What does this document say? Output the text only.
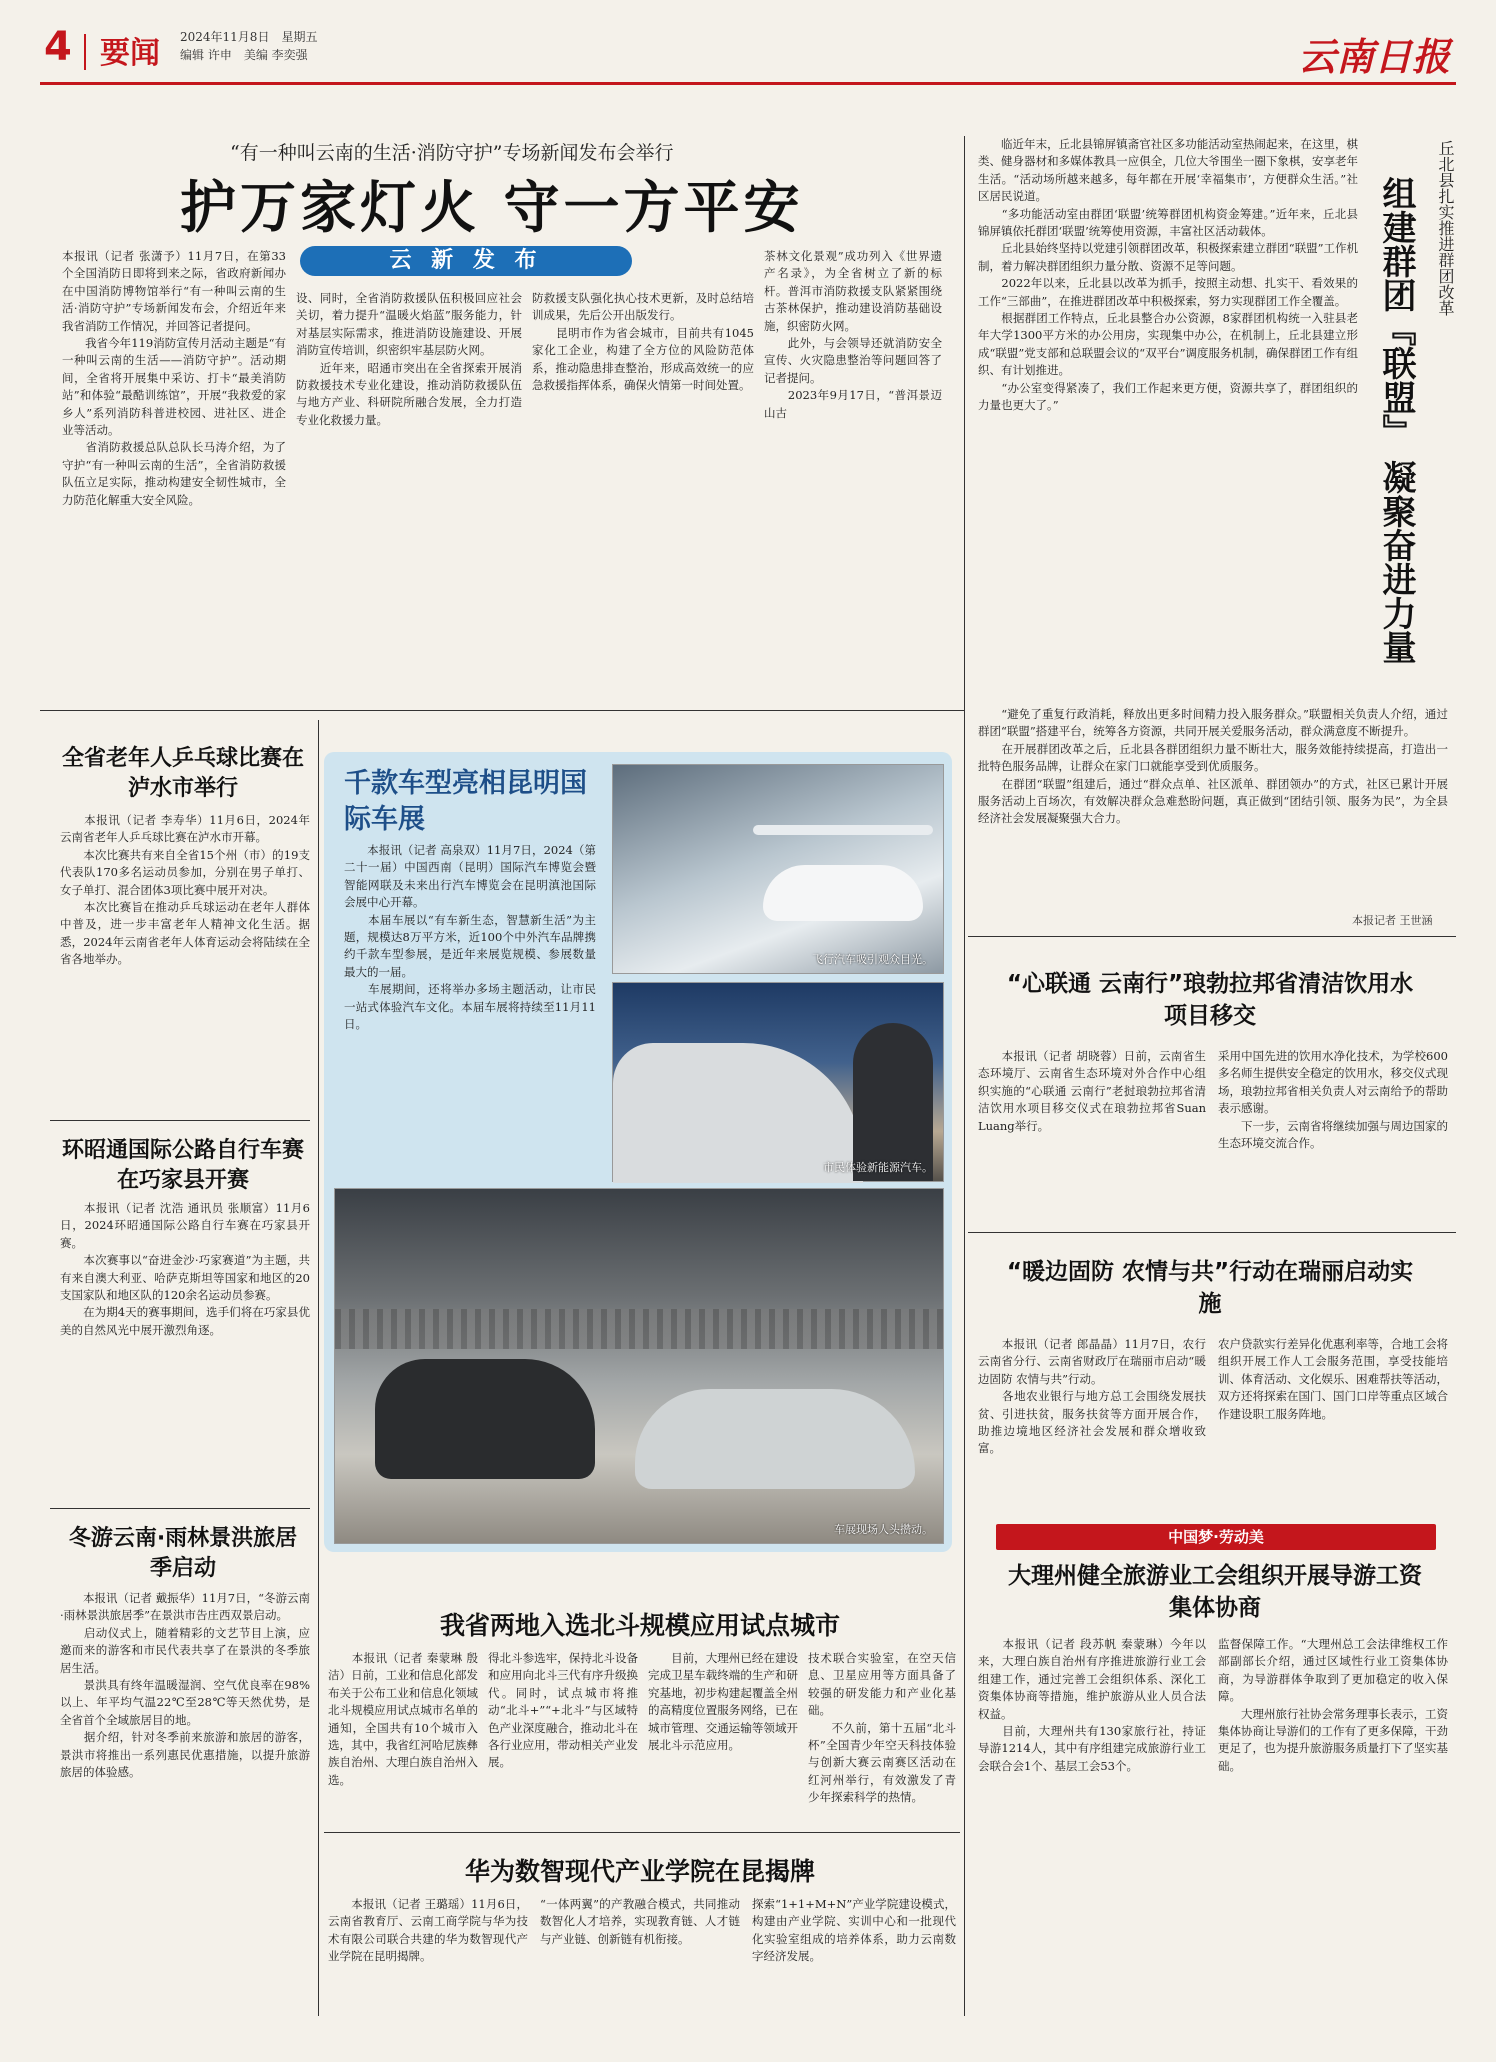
4 要闻 2024年11月8日　星期五
编辑 许申　美编 李奕强	云南日报
“有一种叫云南的生活·消防守护”专场新闻发布会举行
护万家灯火 守一方平安
云 新 发 布
本报讯（记者 张潇予）11月7日，在第33个全国消防日即将到来之际，省政府新闻办在中国消防博物馆举行“有一种叫云南的生活·消防守护”专场新闻发布会，介绍近年来我省消防工作情况，并回答记者提问。
　　我省今年119消防宣传月活动主题是“有一种叫云南的生活——消防守护”。活动期间，全省将开展集中采访、打卡“最美消防站”和体验“最酷训练馆”，开展“我救爱的家乡人”系列消防科普进校园、进社区、进企业等活动。
　　省消防救援总队总队长马涛介绍，为了守护“有一种叫云南的生活”，全省消防救援队伍立足实际，推动构建安全韧性城市，全力防范化解重大安全风险。
设、同时，全省消防救援队伍积极回应社会关切，着力提升“温暖火焰蓝”服务能力，针对基层实际需求，推进消防设施建设、开展消防宣传培训，织密织牢基层防火网。
　　近年来，昭通市突出在全省探索开展消防救援技术专业化建设，推动消防救援队伍与地方产业、科研院所融合发展，全力打造专业化救援力量。
防救援支队强化执心技术更新，及时总结培训成果，先后公开出版发行。
　　昆明市作为省会城市，目前共有1045家化工企业，构建了全方位的风险防范体系，推动隐患排查整治，形成高效统一的应急救援指挥体系，确保火情第一时间处置。
茶林文化景观”成功列入《世界遗产名录》，为全省树立了新的标杆。普洱市消防救援支队紧紧围绕古茶林保护，推动建设消防基础设施，织密防火网。
　　此外，与会领导还就消防安全宣传、火灾隐患整治等问题回答了记者提问。
　　2023年9月17日，“普洱景迈山古
　　临近年末，丘北县锦屏镇斋官社区多功能活动室热闹起来，在这里，棋类、健身器材和多媒体教具一应俱全，几位大爷围坐一圈下象棋，安享老年生活。“活动场所越来越多，每年都在开展‘幸福集市’，方便群众生活。”社区居民说道。
　　“多功能活动室由群团‘联盟’统筹群团机构资金筹建。”近年来，丘北县锦屏镇依托群团‘联盟’统筹使用资源，丰富社区活动载体。
　　丘北县始终坚持以党建引领群团改革，积极探索建立群团“联盟”工作机制，着力解决群团组织力量分散、资源不足等问题。
　　2022年以来，丘北县以改革为抓手，按照主动想、扎实干、看效果的工作“三部曲”，在推进群团改革中积极探索，努力实现群团工作全覆盖。
　　根据群团工作特点，丘北县整合办公资源，8家群团机构统一入驻县老年大学1300平方米的办公用房，实现集中办公，在机制上，丘北县建立形成“联盟”党支部和总联盟会议的“双平台”调度服务机制，确保群团工作有组织、有计划推进。
　　“办公室变得紧凑了，我们工作起来更方便，资源共享了，群团组织的力量也更大了。”
丘北县扎实推进群团改革
组建群团『联盟』 凝聚奋进力量
　　“避免了重复行政消耗，释放出更多时间精力投入服务群众。”联盟相关负责人介绍，通过群团“联盟”搭建平台，统筹各方资源，共同开展关爱服务活动，群众满意度不断提升。
　　在开展群团改革之后，丘北县各群团组织力量不断壮大，服务效能持续提高，打造出一批特色服务品牌，让群众在家门口就能享受到优质服务。
　　在群团“联盟”组建后，通过“群众点单、社区派单、群团领办”的方式，社区已累计开展服务活动上百场次，有效解决群众急难愁盼问题，真正做到“团结引领、服务为民”，为全县经济社会发展凝聚强大合力。
本报记者 王世涵
全省老年人乒乓球比赛在泸水市举行
　　本报讯（记者 李寿华）11月6日，2024年云南省老年人乒乓球比赛在泸水市开幕。
　　本次比赛共有来自全省15个州（市）的19支代表队170多名运动员参加，分别在男子单打、女子单打、混合团体3项比赛中展开对决。
　　本次比赛旨在推动乒乓球运动在老年人群体中普及，进一步丰富老年人精神文化生活。据悉，2024年云南省老年人体育运动会将陆续在全省各地举办。
环昭通国际公路自行车赛在巧家县开赛
　　本报讯（记者 沈浩 通讯员 张顺富）11月6日，2024环昭通国际公路自行车赛在巧家县开赛。
　　本次赛事以“奋进金沙·巧家赛道”为主题，共有来自澳大利亚、哈萨克斯坦等国家和地区的20支国家队和地区队的120余名运动员参赛。
　　在为期4天的赛事期间，选手们将在巧家县优美的自然风光中展开激烈角逐。
冬游云南·雨林景洪旅居季启动
　　本报讯（记者 戴振华）11月7日，“冬游云南·雨林景洪旅居季”在景洪市告庄西双景启动。
　　启动仪式上，随着精彩的文艺节目上演，应邀而来的游客和市民代表共享了在景洪的冬季旅居生活。
　　景洪具有终年温暖湿润、空气优良率在98%以上、年平均气温22℃至28℃等天然优势，是全省首个全域旅居目的地。
　　据介绍，针对冬季前来旅游和旅居的游客，景洪市将推出一系列惠民优惠措施，以提升旅游旅居的体验感。
千款车型亮相昆明国际车展
　　本报讯（记者 高泉双）11月7日，2024（第二十一届）中国西南（昆明）国际汽车博览会暨智能网联及未来出行汽车博览会在昆明滇池国际会展中心开幕。
　　本届车展以“有车新生态，智慧新生活”为主题，规模达8万平方米，近100个中外汽车品牌携约千款车型参展，是近年来展览规模、参展数量最大的一届。
　　车展期间，还将举办多场主题活动，让市民一站式体验汽车文化。本届车展将持续至11月11日。
飞行汽车吸引观众目光。
市民体验新能源汽车。
车展现场人头攒动。
我省两地入选北斗规模应用试点城市
　　本报讯（记者 秦蒙琳 殷洁）日前，工业和信息化部发布关于公布工业和信息化领域北斗规模应用试点城市名单的通知，全国共有10个城市入选，其中，我省红河哈尼族彝族自治州、大理白族自治州入选。
得北斗参选牢，保持北斗设备和应用向北斗三代有序升级换代。同时，试点城市将推动“北斗+”“+北斗”与区域特色产业深度融合，推动北斗在各行业应用，带动相关产业发展。
　　目前，大理州已经在建设完成卫星车载终端的生产和研究基地，初步构建起覆盖全州的高精度位置服务网络，已在城市管理、交通运输等领域开展北斗示范应用。
技术联合实验室，在空天信息、卫星应用等方面具备了较强的研发能力和产业化基础。
　　不久前，第十五届“北斗杯”全国青少年空天科技体验与创新大赛云南赛区活动在红河州举行，有效激发了青少年探索科学的热情。
华为数智现代产业学院在昆揭牌
　　本报讯（记者 王璐瑶）11月6日，云南省教育厅、云南工商学院与华为技术有限公司联合共建的华为数智现代产业学院在昆明揭牌。
“一体两翼”的产教融合模式，共同推动数智化人才培养，实现教育链、人才链与产业链、创新链有机衔接。
探索“1+1+M+N”产业学院建设模式，构建由产业学院、实训中心和一批现代化实验室组成的培养体系，助力云南数字经济发展。
“心联通 云南行”琅勃拉邦省清洁饮用水项目移交
　　本报讯（记者 胡晓蓉）日前，云南省生态环境厅、云南省生态环境对外合作中心组织实施的“心联通 云南行”老挝琅勃拉邦省清洁饮用水项目移交仪式在琅勃拉邦省Suan Luang举行。
采用中国先进的饮用水净化技术，为学校600多名师生提供安全稳定的饮用水，移交仪式现场，琅勃拉邦省相关负责人对云南给予的帮助表示感谢。
　　下一步，云南省将继续加强与周边国家的生态环境交流合作。
“暖边固防 农情与共”行动在瑞丽启动实施
　　本报讯（记者 郎晶晶）11月7日，农行云南省分行、云南省财政厅在瑞丽市启动“暖边固防 农情与共”行动。
　　各地农业银行与地方总工会围绕发展扶贫、引进扶贫，服务扶贫等方面开展合作，助推边境地区经济社会发展和群众增收致富。
农户贷款实行差异化优惠利率等，合地工会将组织开展工作人工会服务范围，享受技能培训、体育活动、文化娱乐、困难帮扶等活动，双方还将探索在国门、国门口岸等重点区域合作建设职工服务阵地。
中国梦·劳动美
大理州健全旅游业工会组织开展导游工资集体协商
　　本报讯（记者 段苏帆 秦蒙琳）今年以来，大理白族自治州有序推进旅游行业工会组建工作，通过完善工会组织体系、深化工资集体协商等措施，维护旅游从业人员合法权益。
　　目前，大理州共有130家旅行社，持证导游1214人，其中有序组建完成旅游行业工会联合会1个、基层工会53个。
监督保障工作。“大理州总工会法律维权工作部副部长介绍，通过区域性行业工资集体协商，为导游群体争取到了更加稳定的收入保障。
　　大理州旅行社协会常务理事长表示，工资集体协商让导游们的工作有了更多保障，干劲更足了，也为提升旅游服务质量打下了坚实基础。
